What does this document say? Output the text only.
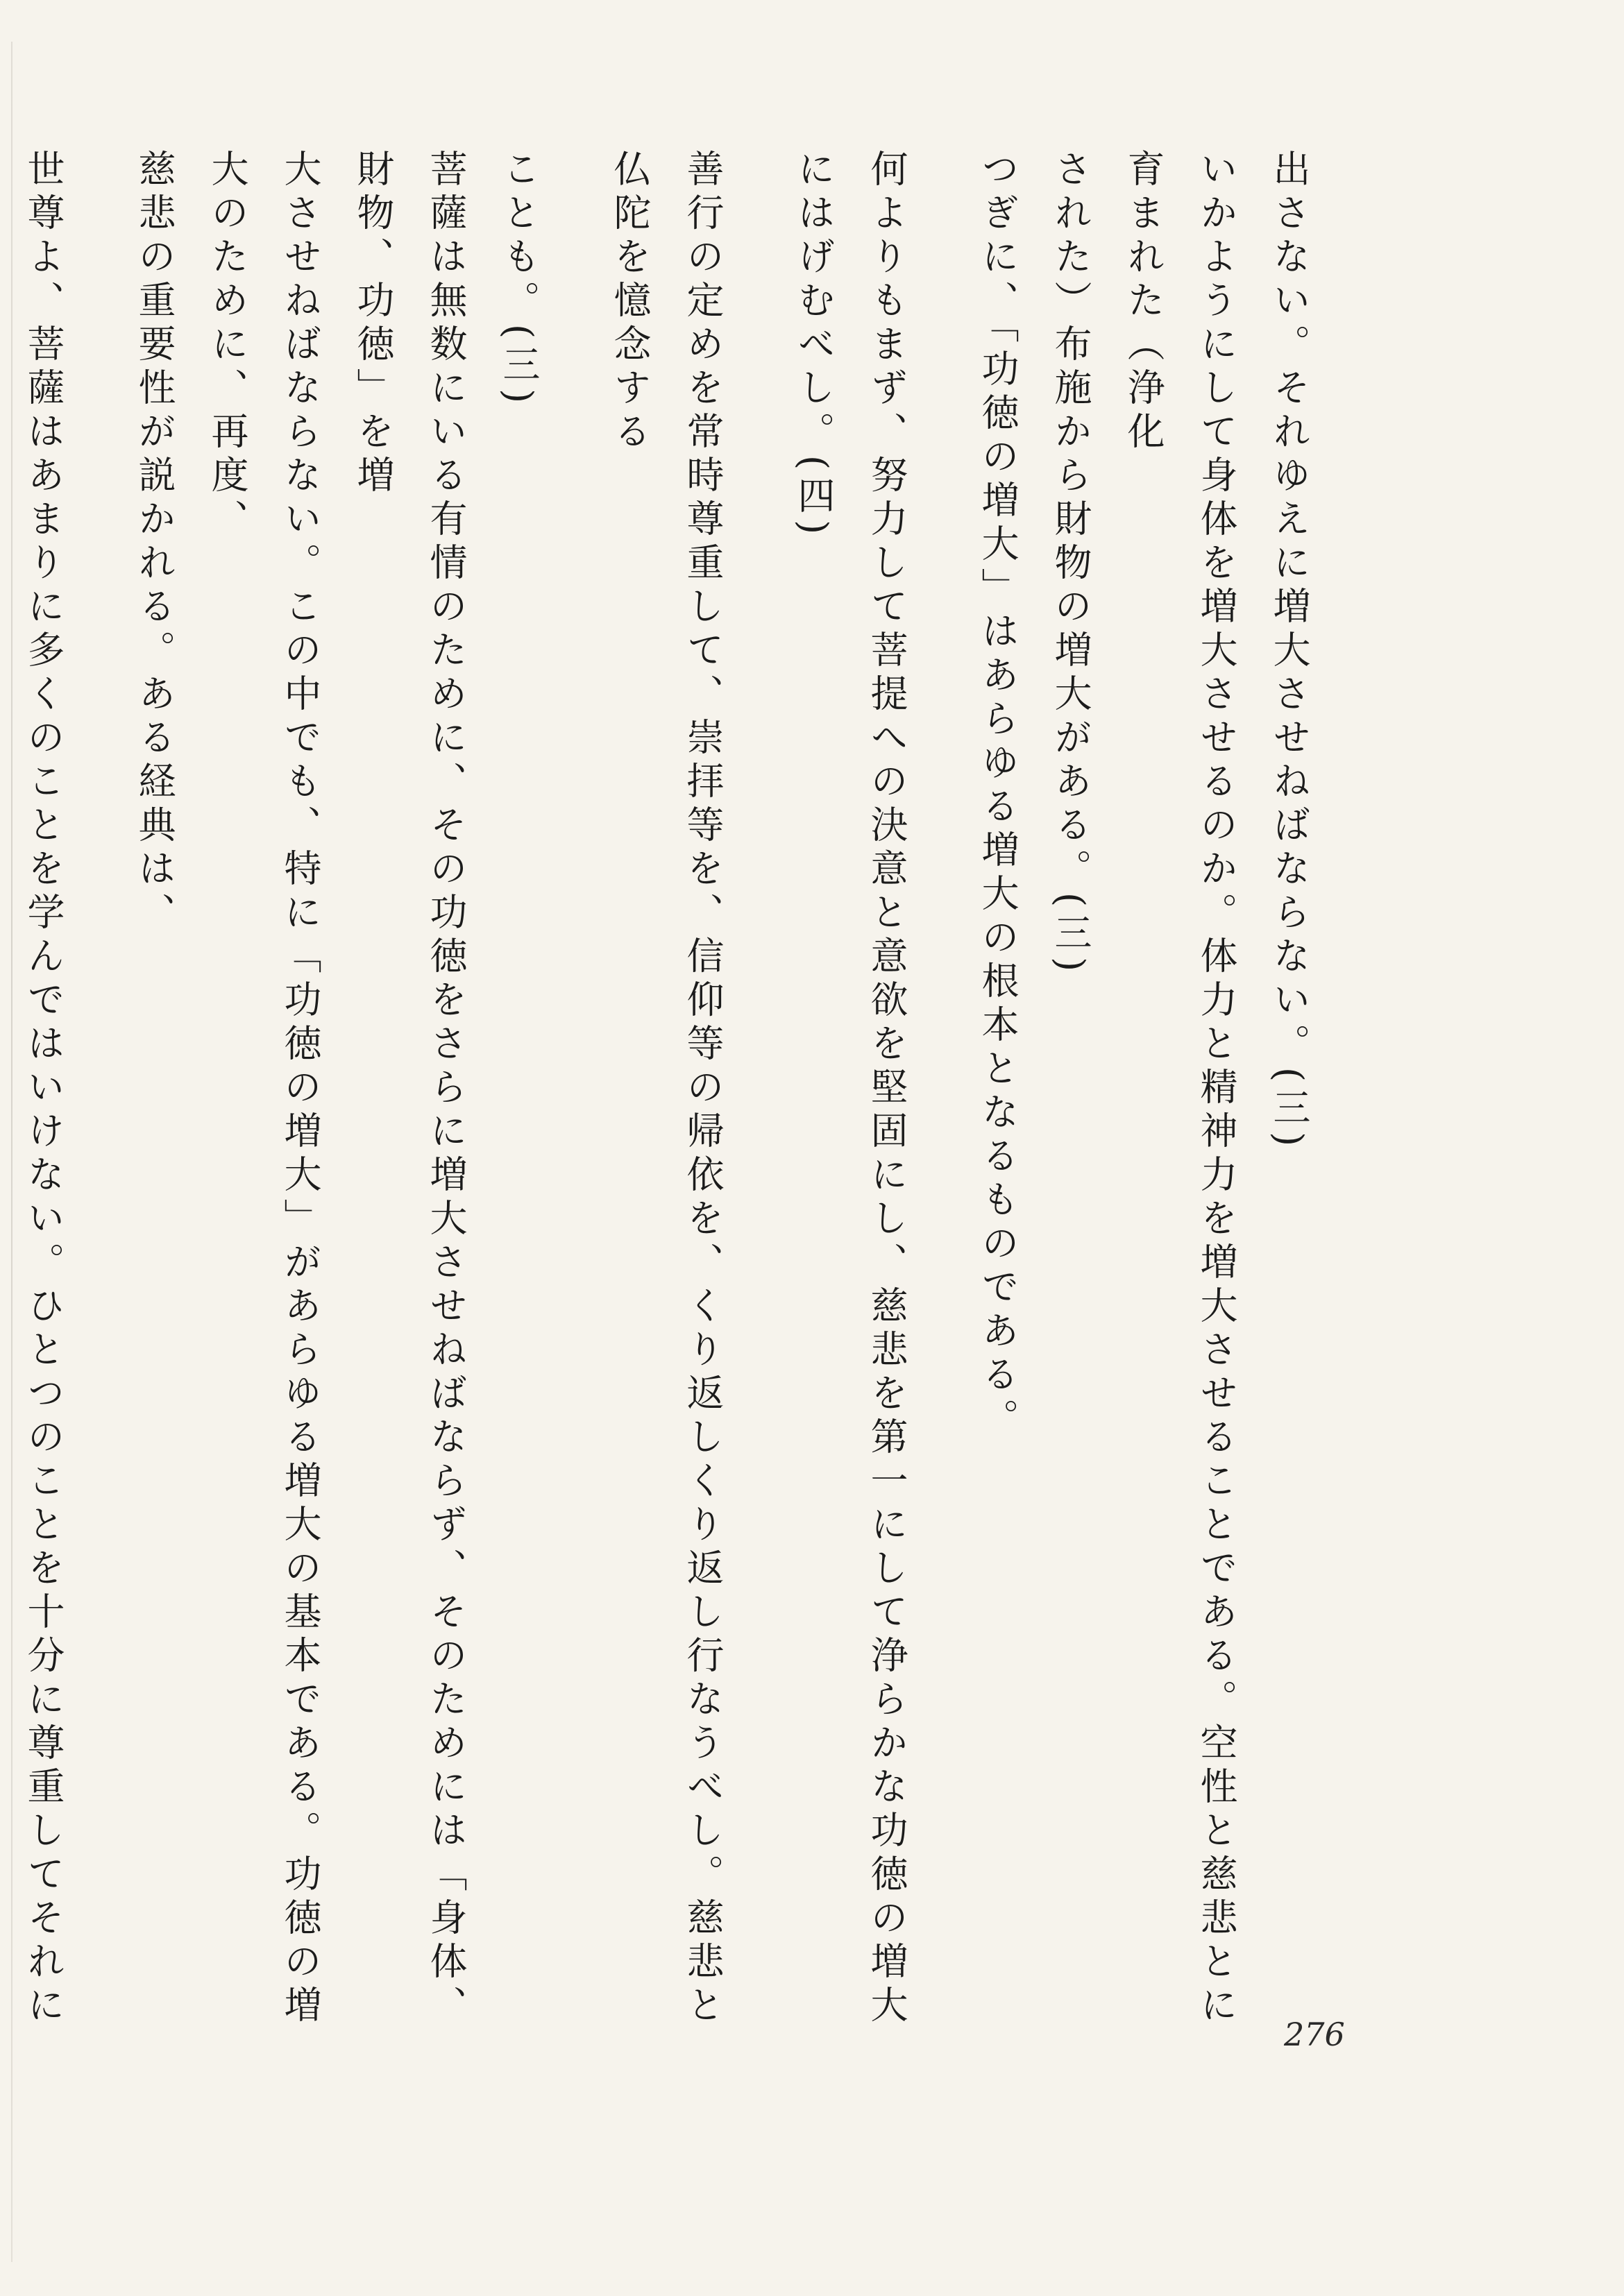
出さない。それゆえに増大させねばならない。(三)

いかようにして身体を増大させるのか。体力と精神力を増大させることである。空性と慈悲とに育まれた（浄化

された）布施から財物の増大がある。(三)

つぎに、「功徳の増大」はあらゆる増大の根本となるものである。

何よりもまず、努力して菩提への決意と意欲を堅固にし、慈悲を第一にして浄らかな功徳の増大にはげむべし。(四)

善行の定めを常時尊重して、崇拝等を、信仰等の帰依を、くり返しくり返し行なうべし。慈悲と仏陀を憶念する

ことも。(三)

菩薩は無数にいる有情のために、その功徳をさらに増大させねばならず、そのためには「身体、財物、功徳」を増

大させねばならない。この中でも、特に「功徳の増大」があらゆる増大の基本である。功徳の増大のために、再度、

慈悲の重要性が説かれる。ある経典は、

世尊よ、菩薩はあまりに多くのことを学んではいけない。ひとつのことを十分に尊重してそれに

276
